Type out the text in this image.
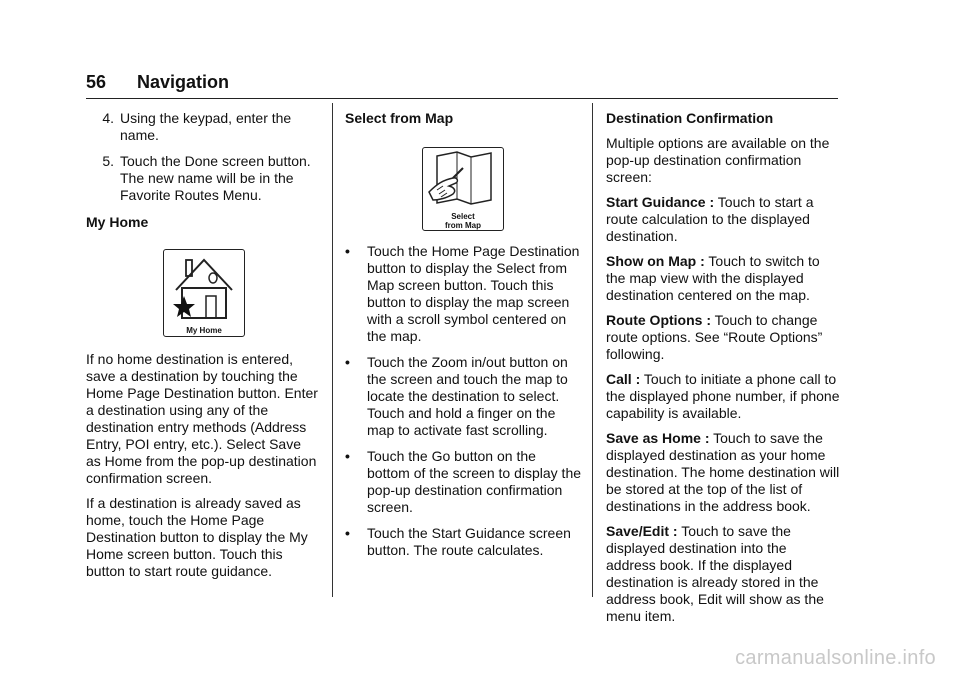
56 Navigation
4. Using the keypad, enter the name.
5. Touch the Done screen button. The new name will be in the Favorite Routes Menu.
My Home
My Home

If no home destination is entered, save a destination by touching the Home Page Destination button. Enter a destination using any of the destination entry methods (Address Entry, POI entry, etc.). Select Save as Home from the pop-up destination confirmation screen.

If a destination is already saved as home, touch the Home Page Destination button to display the My Home screen button. Touch this button to start route guidance.

Select from Map
Select
from Map
•	Touch the Home Page Destination button to display the Select from Map screen button. Touch this button to display the map screen with a scroll symbol centered on the map.
•	Touch the Zoom in/out button on the screen and touch the map to locate the destination to select. Touch and hold a finger on the map to activate fast scrolling.
•	Touch the Go button on the bottom of the screen to display the pop-up destination confirmation screen.
•	Touch the Start Guidance screen button. The route calculates.
Destination Confirmation

Multiple options are available on the pop-up destination confirmation screen:

Start Guidance : Touch to start a route calculation to the displayed destination.

Show on Map : Touch to switch to the map view with the displayed destination centered on the map.

Route Options : Touch to change route options. See “Route Options” following.

Call : Touch to initiate a phone call to the displayed phone number, if phone capability is available.

Save as Home : Touch to save the displayed destination as your home destination. The home destination will be stored at the top of the list of destinations in the address book.

Save/Edit : Touch to save the displayed destination into the address book. If the displayed destination is already stored in the address book, Edit will show as the menu item.

carmanualsonline.info
